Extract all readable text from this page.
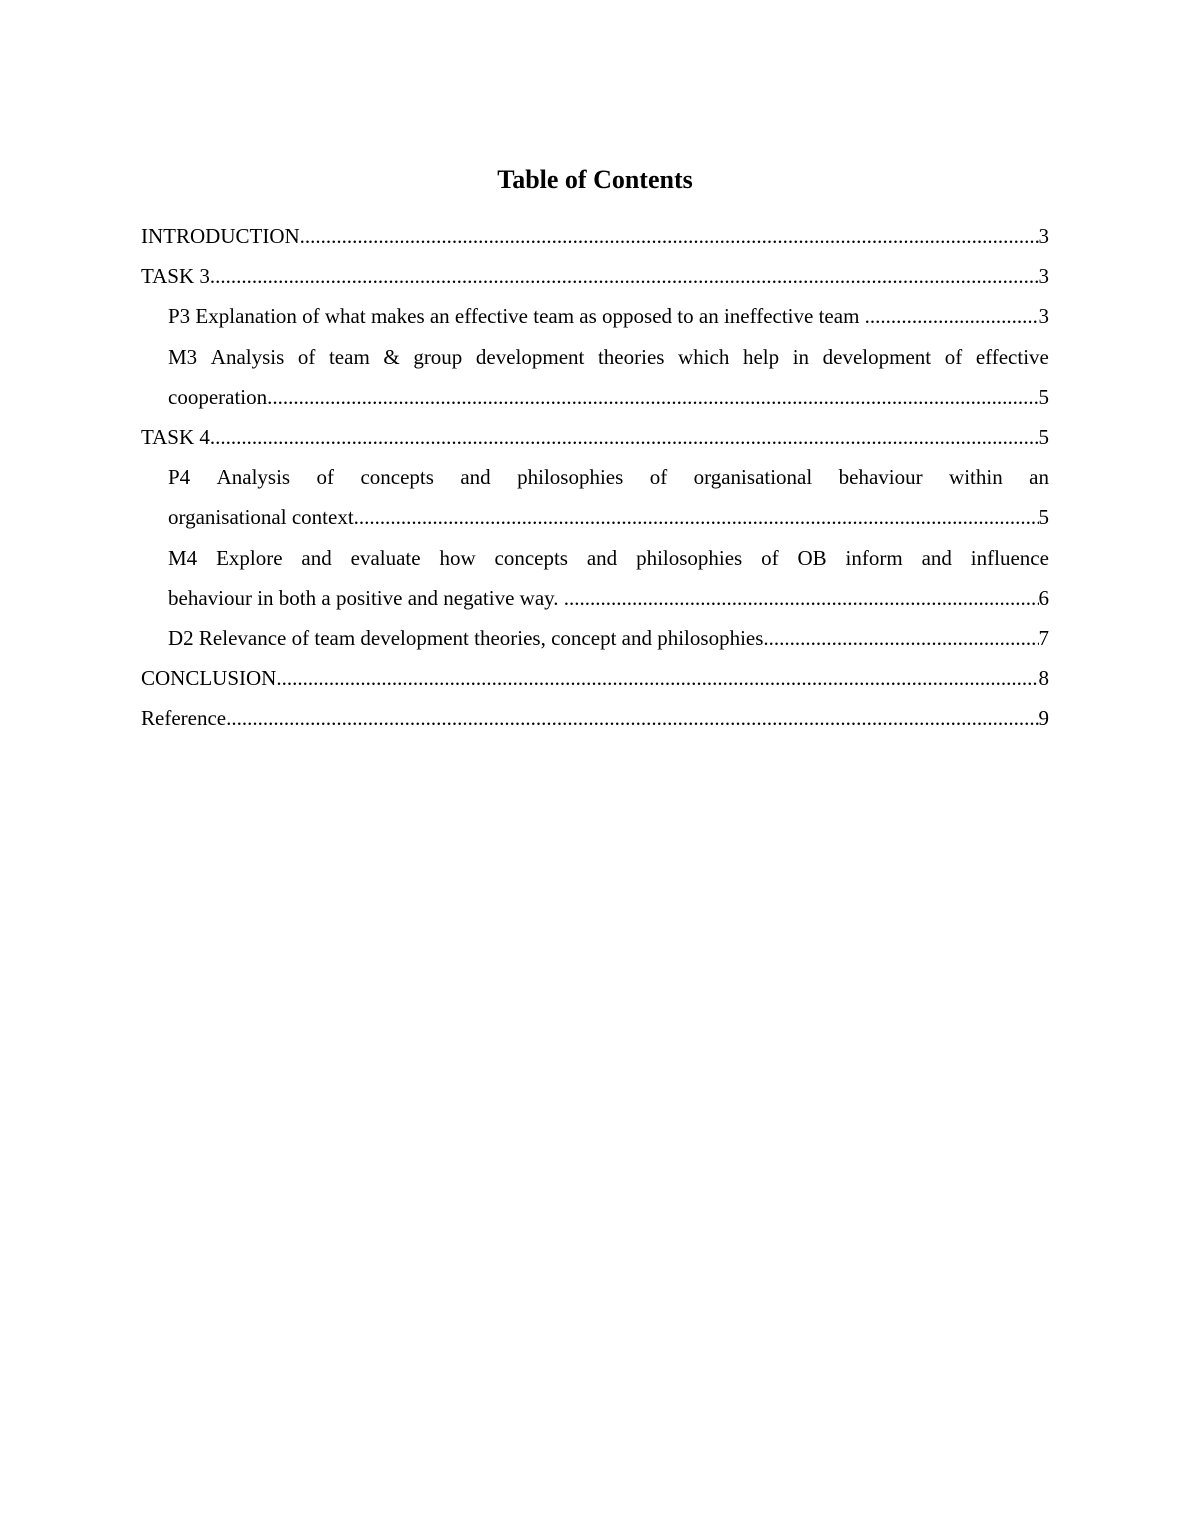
Table of Contents
INTRODUCTION .....	3
TASK 3 .....	3
P3 Explanation of what makes an effective team as opposed to an ineffective team .....	3
M3 Analysis of team & group development theories which help in development of effective
cooperation .....	5
TASK 4 .....	5
P4 Analysis of concepts and philosophies of organisational behaviour within an
organisational context .....	5
M4 Explore and evaluate how concepts and philosophies of OB inform and influence
behaviour in both a positive and negative way. .....	6
D2 Relevance of team development theories, concept and philosophies .....	7
CONCLUSION .....	8
Reference .....	9
